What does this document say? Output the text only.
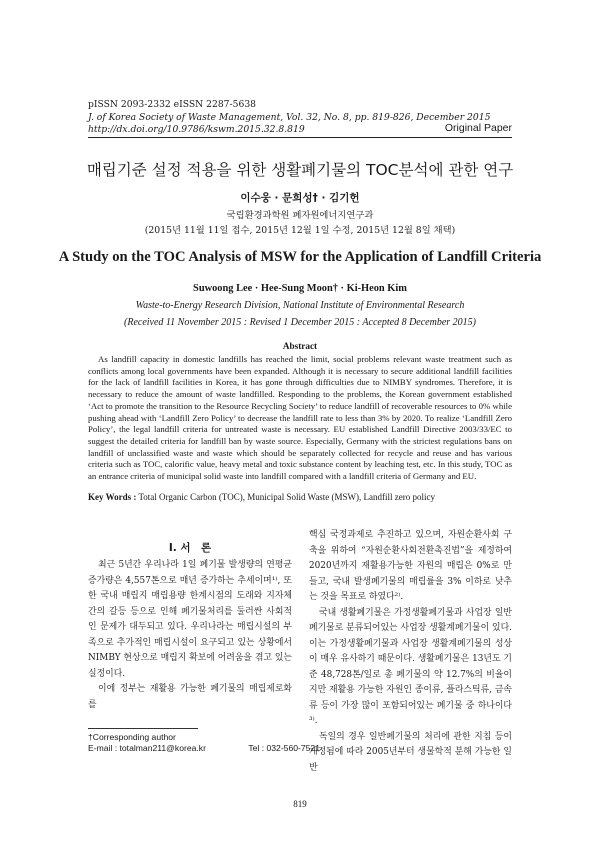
pISSN 2093-2332 eISSN 2287-5638
J. of Korea Society of Waste Management, Vol. 32, No. 8, pp. 819-826, December 2015
http://dx.doi.org/10.9786/kswm.2015.32.8.819	Original Paper
매립기준 설정 적용을 위한 생활폐기물의 TOC분석에 관한 연구
이수웅 · 문희성† · 김기헌
국립환경과학원 폐자원에너지연구과
(2015년 11월 11일 접수, 2015년 12월 1일 수정, 2015년 12월 8일 채택)
A Study on the TOC Analysis of MSW for the Application of Landfill Criteria
Suwoong Lee · Hee-Sung Moon† · Ki-Heon Kim
Waste-to-Energy Research Division, National Institute of Environmental Research
(Received 11 November 2015 : Revised 1 December 2015 : Accepted 8 December 2015)
Abstract
As landfill capacity in domestic landfills has reached the limit, social problems relevant waste treatment such as conflicts among local governments have been expanded. Although it is necessary to secure additional landfill facilities for the lack of landfill facilities in Korea, it has gone through difficulties due to NIMBY syndromes. Therefore, it is necessary to reduce the amount of waste landfilled. Responding to the problems, the Korean government established ‘Act to promote the transition to the Resource Recycling Society’ to reduce landfill of recoverable resources to 0% while pushing ahead with ‘Landfill Zero Policy’ to decrease the landfill rate to less than 3% by 2020. To realize ‘Landfill Zero Policy’, the legal landfill criteria for untreated waste is necessary. EU established Landfill Directive 2003/33/EC to suggest the detailed criteria for landfill ban by waste source. Especially, Germany with the strictest regulations bans on landfill of unclassified waste and waste which should be separately collected for recycle and reuse and has various criteria such as TOC, calorific value, heavy metal and toxic substance content by leaching test, etc. In this study, TOC as an entrance criteria of municipal solid waste into landfill compared with a landfill criteria of Germany and EU.
Key Words : Total Organic Carbon (TOC), Municipal Solid Waste (MSW), Landfill zero policy
I. 서　론

최근 5년간 우리나라 1일 폐기물 발생량의 연평균 증가량은 4,557톤으로 매년 증가하는 추세이며¹⁾, 또한 국내 매립지 매립용량 한계시점의 도래와 지자체간의 갈등 등으로 인해 폐기물처리를 둘러싼 사회적인 문제가 대두되고 있다. 우리나라는 매립시설의 부족으로 추가적인 매립시설이 요구되고 있는 상황에서 NIMBY 현상으로 매립지 확보에 어려움을 겪고 있는 실정이다.

이에 정부는 재활용 가능한 폐기물의 매립제로화를

핵심 국정과제로 추진하고 있으며, 자원순환사회 구축을 위하여 “자원순환사회전환촉진법”을 제정하여 2020년까지 재활용가능한 자원의 매립은 0%로 만들고, 국내 발생폐기물의 매립률을 3% 이하로 낮추는 것을 목표로 하였다²⁾.

국내 생활폐기물은 가정생활폐기물과 사업장 일반폐기물로 분류되어있는 사업장 생활계폐기물이 있다. 이는 가정생활폐기물과 사업장 생활계폐기물의 성상이 매우 유사하기 때문이다. 생활폐기물은 13년도 기준 48,728톤/일로 총 폐기물의 약 12.7%의 비율이지만 재활용 가능한 자원인 종이류, 플라스틱류, 금속류 등이 가장 많이 포함되어있는 폐기물 중 하나이다³⁾.

독일의 경우 일반폐기물의 처리에 관한 지침 등이 개정됨에 따라 2005년부터 생물학적 분해 가능한 일반

†Corresponding author
E-mail : totalman211@korea.kr	Tel : 032-560-7521
819
